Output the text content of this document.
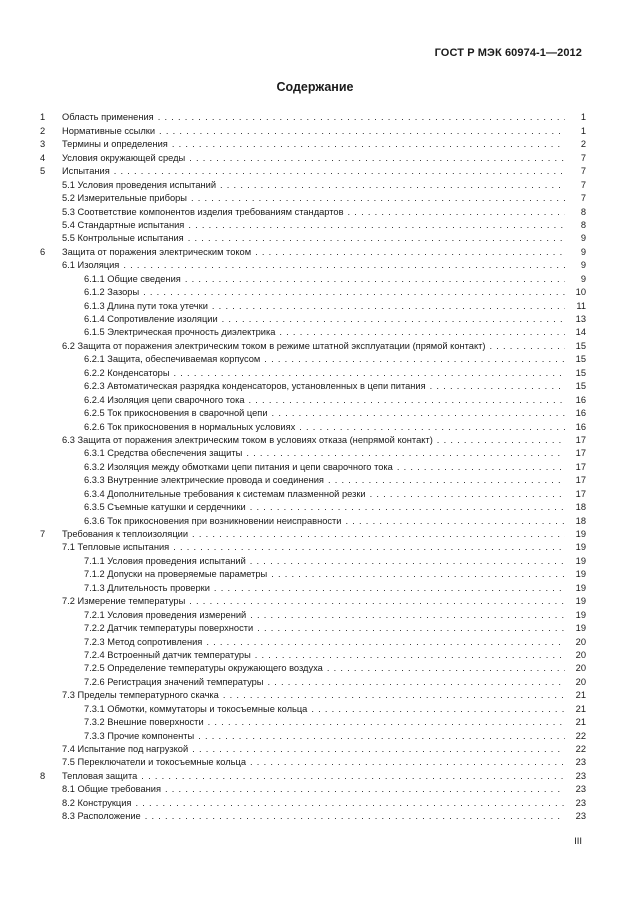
ГОСТ Р МЭК 60974-1—2012
Содержание
1	Область применения . . .	1
2	Нормативные ссылки . . .	1
3	Термины и определения . . .	2
4	Условия окружающей среды . . .	7
5	Испытания . . .	7
5.1 Условия проведения испытаний . . .	7
5.2 Измерительные приборы . . .	7
5.3 Соответствие компонентов изделия требованиям стандартов . . .	8
5.4 Стандартные испытания . . .	8
5.5 Контрольные испытания . . .	9
6	Защита от поражения электрическим током . . .	9
6.1 Изоляция . . .	9
6.1.1 Общие сведения . . .	9
6.1.2 Зазоры . . .	10
6.1.3 Длина пути тока утечки . . .	11
6.1.4 Сопротивление изоляции . . .	13
6.1.5 Электрическая прочность диэлектрика . . .	14
6.2 Защита от поражения электрическим током в режиме штатной эксплуатации (прямой контакт) . . .	15
6.2.1 Защита, обеспечиваемая корпусом . . .	15
6.2.2 Конденсаторы . . .	15
6.2.3 Автоматическая разрядка конденсаторов, установленных в цепи питания . . .	15
6.2.4 Изоляция цепи сварочного тока . . .	16
6.2.5 Ток прикосновения в сварочной цепи . . .	16
6.2.6 Ток прикосновения в нормальных условиях . . .	16
6.3 Защита от поражения электрическим током в условиях отказа (непрямой контакт) . . .	17
6.3.1 Средства обеспечения защиты . . .	17
6.3.2 Изоляция между обмотками цепи питания и цепи сварочного тока . . .	17
6.3.3 Внутренние электрические провода и соединения . . .	17
6.3.4 Дополнительные требования к системам плазменной резки . . .	17
6.3.5 Съемные катушки и сердечники . . .	18
6.3.6 Ток прикосновения при возникновении неисправности . . .	18
7	Требования к теплоизоляции . . .	19
7.1 Тепловые испытания . . .	19
7.1.1 Условия проведения испытаний . . .	19
7.1.2 Допуски на проверяемые параметры . . .	19
7.1.3 Длительность проверки . . .	19
7.2 Измерение температуры . . .	19
7.2.1 Условия проведения измерений . . .	19
7.2.2 Датчик температуры поверхности . . .	19
7.2.3 Метод сопротивления . . .	20
7.2.4 Встроенный датчик температуры . . .	20
7.2.5 Определение температуры окружающего воздуха . . .	20
7.2.6 Регистрация значений температуры . . .	20
7.3 Пределы температурного скачка . . .	21
7.3.1 Обмотки, коммутаторы и токосъемные кольца . . .	21
7.3.2 Внешние поверхности . . .	21
7.3.3 Прочие компоненты . . .	22
7.4 Испытание под нагрузкой . . .	22
7.5 Переключатели и токосъемные кольца . . .	23
8	Тепловая защита . . .	23
8.1 Общие требования . . .	23
8.2 Конструкция . . .	23
8.3 Расположение . . .	23
III
